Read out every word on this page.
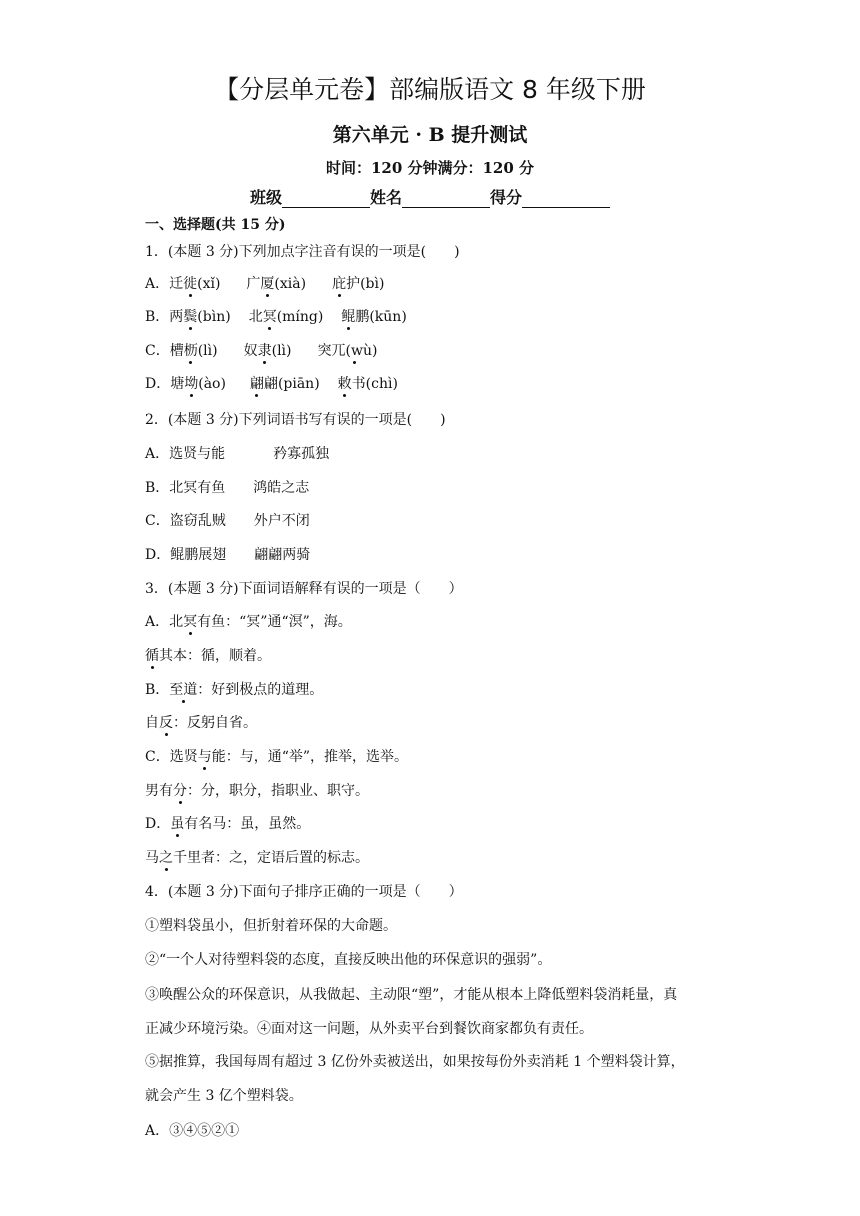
【分层单元卷】部编版语文 8 年级下册
第六单元 · B 提升测试
时间：120 分钟满分：120 分
班级	姓名	得分
一、选择题(共 15 分)
1．(本题 3 分)下列加点字注音有误的一项是(　　)
A．迁徙(xǐ) 广厦(xià) 庇护(bì)
B．两鬓(bìn) 北冥(míng) 鲲鹏(kūn)
C．槽枥(lì) 奴隶(lì) 突兀(wù)
D．塘坳(ào) 翩翩(piān) 敕书(chì)
2．(本题 3 分)下列词语书写有误的一项是(　　)
A．选贤与能	矜寡孤独
B．北冥有鱼 鸿皓之志
C．盗窃乱贼 外户不闭
D．鲲鹏展翅 翩翩两骑
3．(本题 3 分)下面词语解释有误的一项是（　　）
A．北冥有鱼：“冥”通“溟”，海。
循其本：循，顺着。
B．至道：好到极点的道理。
自反：反躬自省。
C．选贤与能：与，通“举”，推举，选举。
男有分：分，职分，指职业、职守。
D．虽有名马：虽，虽然。
马之千里者：之，定语后置的标志。
4．(本题 3 分)下面句子排序正确的一项是（　　）
①塑料袋虽小，但折射着环保的大命题。
②“一个人对待塑料袋的态度，直接反映出他的环保意识的强弱”。
③唤醒公众的环保意识，从我做起、主动限“塑”，才能从根本上降低塑料袋消耗量，真
正减少环境污染。④面对这一问题，从外卖平台到餐饮商家都负有责任。
⑤据推算，我国每周有超过 3 亿份外卖被送出，如果按每份外卖消耗 1 个塑料袋计算，
就会产生 3 亿个塑料袋。
A．③④⑤②①
